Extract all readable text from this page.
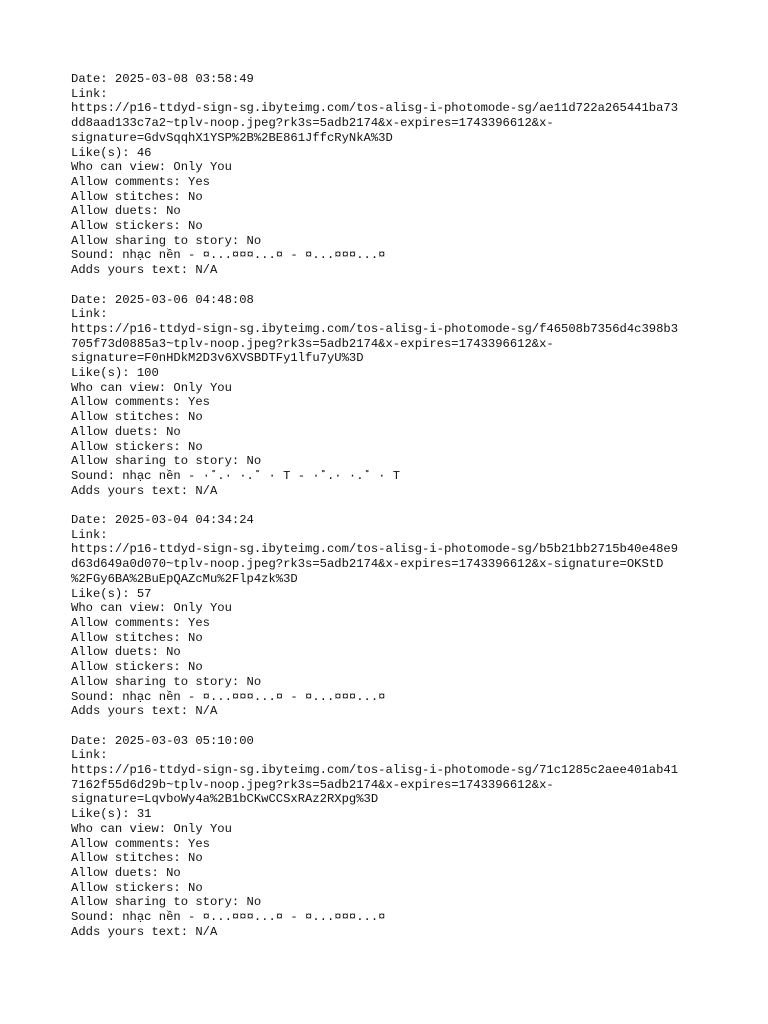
Date: 2025-03-08 03:58:49
Link:
https://p16-ttdyd-sign-sg.ibyteimg.com/tos-alisg-i-photomode-sg/ae11d722a265441ba73
dd8aad133c7a2~tplv-noop.jpeg?rk3s=5adb2174&x-expires=1743396612&x-
signature=GdvSqqhX1YSP%2B%2BE861JffcRyNkA%3D
Like(s): 46
Who can view: Only You
Allow comments: Yes
Allow stitches: No
Allow duets: No
Allow stickers: No
Allow sharing to story: No
Sound: nhạc nền - ¤...¤¤¤...¤ - ¤...¤¤¤...¤
Adds yours text: N/A
Date: 2025-03-06 04:48:08
Link:
https://p16-ttdyd-sign-sg.ibyteimg.com/tos-alisg-i-photomode-sg/f46508b7356d4c398b3
705f73d0885a3~tplv-noop.jpeg?rk3s=5adb2174&x-expires=1743396612&x-
signature=F0nHDkM2D3v6XVSBDTFy1lfu7yU%3D
Like(s): 100
Who can view: Only You
Allow comments: Yes
Allow stitches: No
Allow duets: No
Allow stickers: No
Allow sharing to story: No
Sound: nhạc nền - ·˚.· ·.˚ · T - ·˚.· ·.˚ · T
Adds yours text: N/A
Date: 2025-03-04 04:34:24
Link:
https://p16-ttdyd-sign-sg.ibyteimg.com/tos-alisg-i-photomode-sg/b5b21bb2715b40e48e9
d63d649a0d070~tplv-noop.jpeg?rk3s=5adb2174&x-expires=1743396612&x-signature=OKStD
%2FGy6BA%2BuEpQAZcMu%2Flp4zk%3D
Like(s): 57
Who can view: Only You
Allow comments: Yes
Allow stitches: No
Allow duets: No
Allow stickers: No
Allow sharing to story: No
Sound: nhạc nền - ¤...¤¤¤...¤ - ¤...¤¤¤...¤
Adds yours text: N/A
Date: 2025-03-03 05:10:00
Link:
https://p16-ttdyd-sign-sg.ibyteimg.com/tos-alisg-i-photomode-sg/71c1285c2aee401ab41
7162f55d6d29b~tplv-noop.jpeg?rk3s=5adb2174&x-expires=1743396612&x-
signature=LqvboWy4a%2B1bCKwCCSxRAz2RXpg%3D
Like(s): 31
Who can view: Only You
Allow comments: Yes
Allow stitches: No
Allow duets: No
Allow stickers: No
Allow sharing to story: No
Sound: nhạc nền - ¤...¤¤¤...¤ - ¤...¤¤¤...¤
Adds yours text: N/A
